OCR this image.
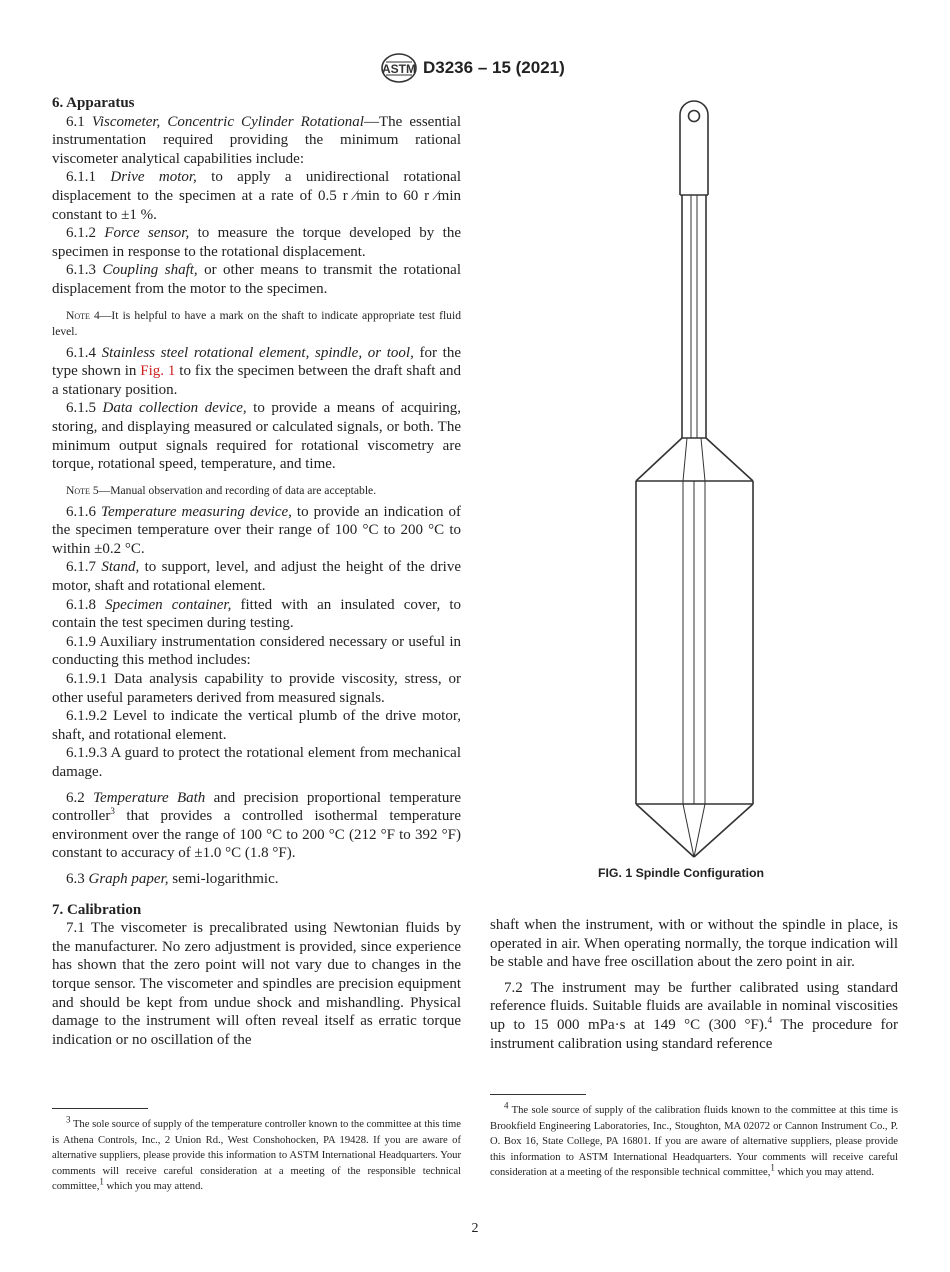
ASTM D3236 – 15 (2021)

6. Apparatus

6.1 Viscometer, Concentric Cylinder Rotational—The essential instrumentation required providing the minimum rational viscometer analytical capabilities include:

6.1.1 Drive motor, to apply a unidirectional rotational displacement to the specimen at a rate of 0.5 r ⁄min to 60 r ⁄min constant to ±1 %.

6.1.2 Force sensor, to measure the torque developed by the specimen in response to the rotational displacement.

6.1.3 Coupling shaft, or other means to transmit the rotational displacement from the motor to the specimen.

Note 4—It is helpful to have a mark on the shaft to indicate appropriate test fluid level.

6.1.4 Stainless steel rotational element, spindle, or tool, for the type shown in Fig. 1 to fix the specimen between the draft shaft and a stationary position.

6.1.5 Data collection device, to provide a means of acquiring, storing, and displaying measured or calculated signals, or both. The minimum output signals required for rotational viscometry are torque, rotational speed, temperature, and time.

Note 5—Manual observation and recording of data are acceptable.

6.1.6 Temperature measuring device, to provide an indication of the specimen temperature over their range of 100 °C to 200 °C to within ±0.2 °C.

6.1.7 Stand, to support, level, and adjust the height of the drive motor, shaft and rotational element.

6.1.8 Specimen container, fitted with an insulated cover, to contain the test specimen during testing.

6.1.9 Auxiliary instrumentation considered necessary or useful in conducting this method includes:

6.1.9.1 Data analysis capability to provide viscosity, stress, or other useful parameters derived from measured signals.

6.1.9.2 Level to indicate the vertical plumb of the drive motor, shaft, and rotational element.

6.1.9.3 A guard to protect the rotational element from mechanical damage.

6.2 Temperature Bath and precision proportional temperature controller$^3$ that provides a controlled isothermal temperature environment over the range of 100 °C to 200 °C (212 °F to 392 °F) constant to accuracy of ±1.0 °C (1.8 °F).

6.3 Graph paper, semi-logarithmic.

7. Calibration

7.1 The viscometer is precalibrated using Newtonian fluids by the manufacturer. No zero adjustment is provided, since experience has shown that the zero point will not vary due to changes in the torque sensor. The viscometer and spindles are precision equipment and should be kept from undue shock and mishandling. Physical damage to the instrument will often reveal itself as erratic torque indication or no oscillation of the

$^3$ The sole source of supply of the temperature controller known to the committee at this time is Athena Controls, Inc., 2 Union Rd., West Conshohocken, PA 19428. If you are aware of alternative suppliers, please provide this information to ASTM International Headquarters. Your comments will receive careful consideration at a meeting of the responsible technical committee,$^1$ which you may attend.

FIG. 1 Spindle Configuration

shaft when the instrument, with or without the spindle in place, is operated in air. When operating normally, the torque indication will be stable and have free oscillation about the zero point in air.

7.2 The instrument may be further calibrated using standard reference fluids. Suitable fluids are available in nominal viscosities up to 15 000 mPa·s at 149 °C (300 °F).$^4$ The procedure for instrument calibration using standard reference

$^4$ The sole source of supply of the calibration fluids known to the committee at this time is Brookfield Engineering Laboratories, Inc., Stoughton, MA 02072 or Cannon Instrument Co., P. O. Box 16, State College, PA 16801. If you are aware of alternative suppliers, please provide this information to ASTM International Headquarters. Your comments will receive careful consideration at a meeting of the responsible technical committee,$^1$ which you may attend.

2
